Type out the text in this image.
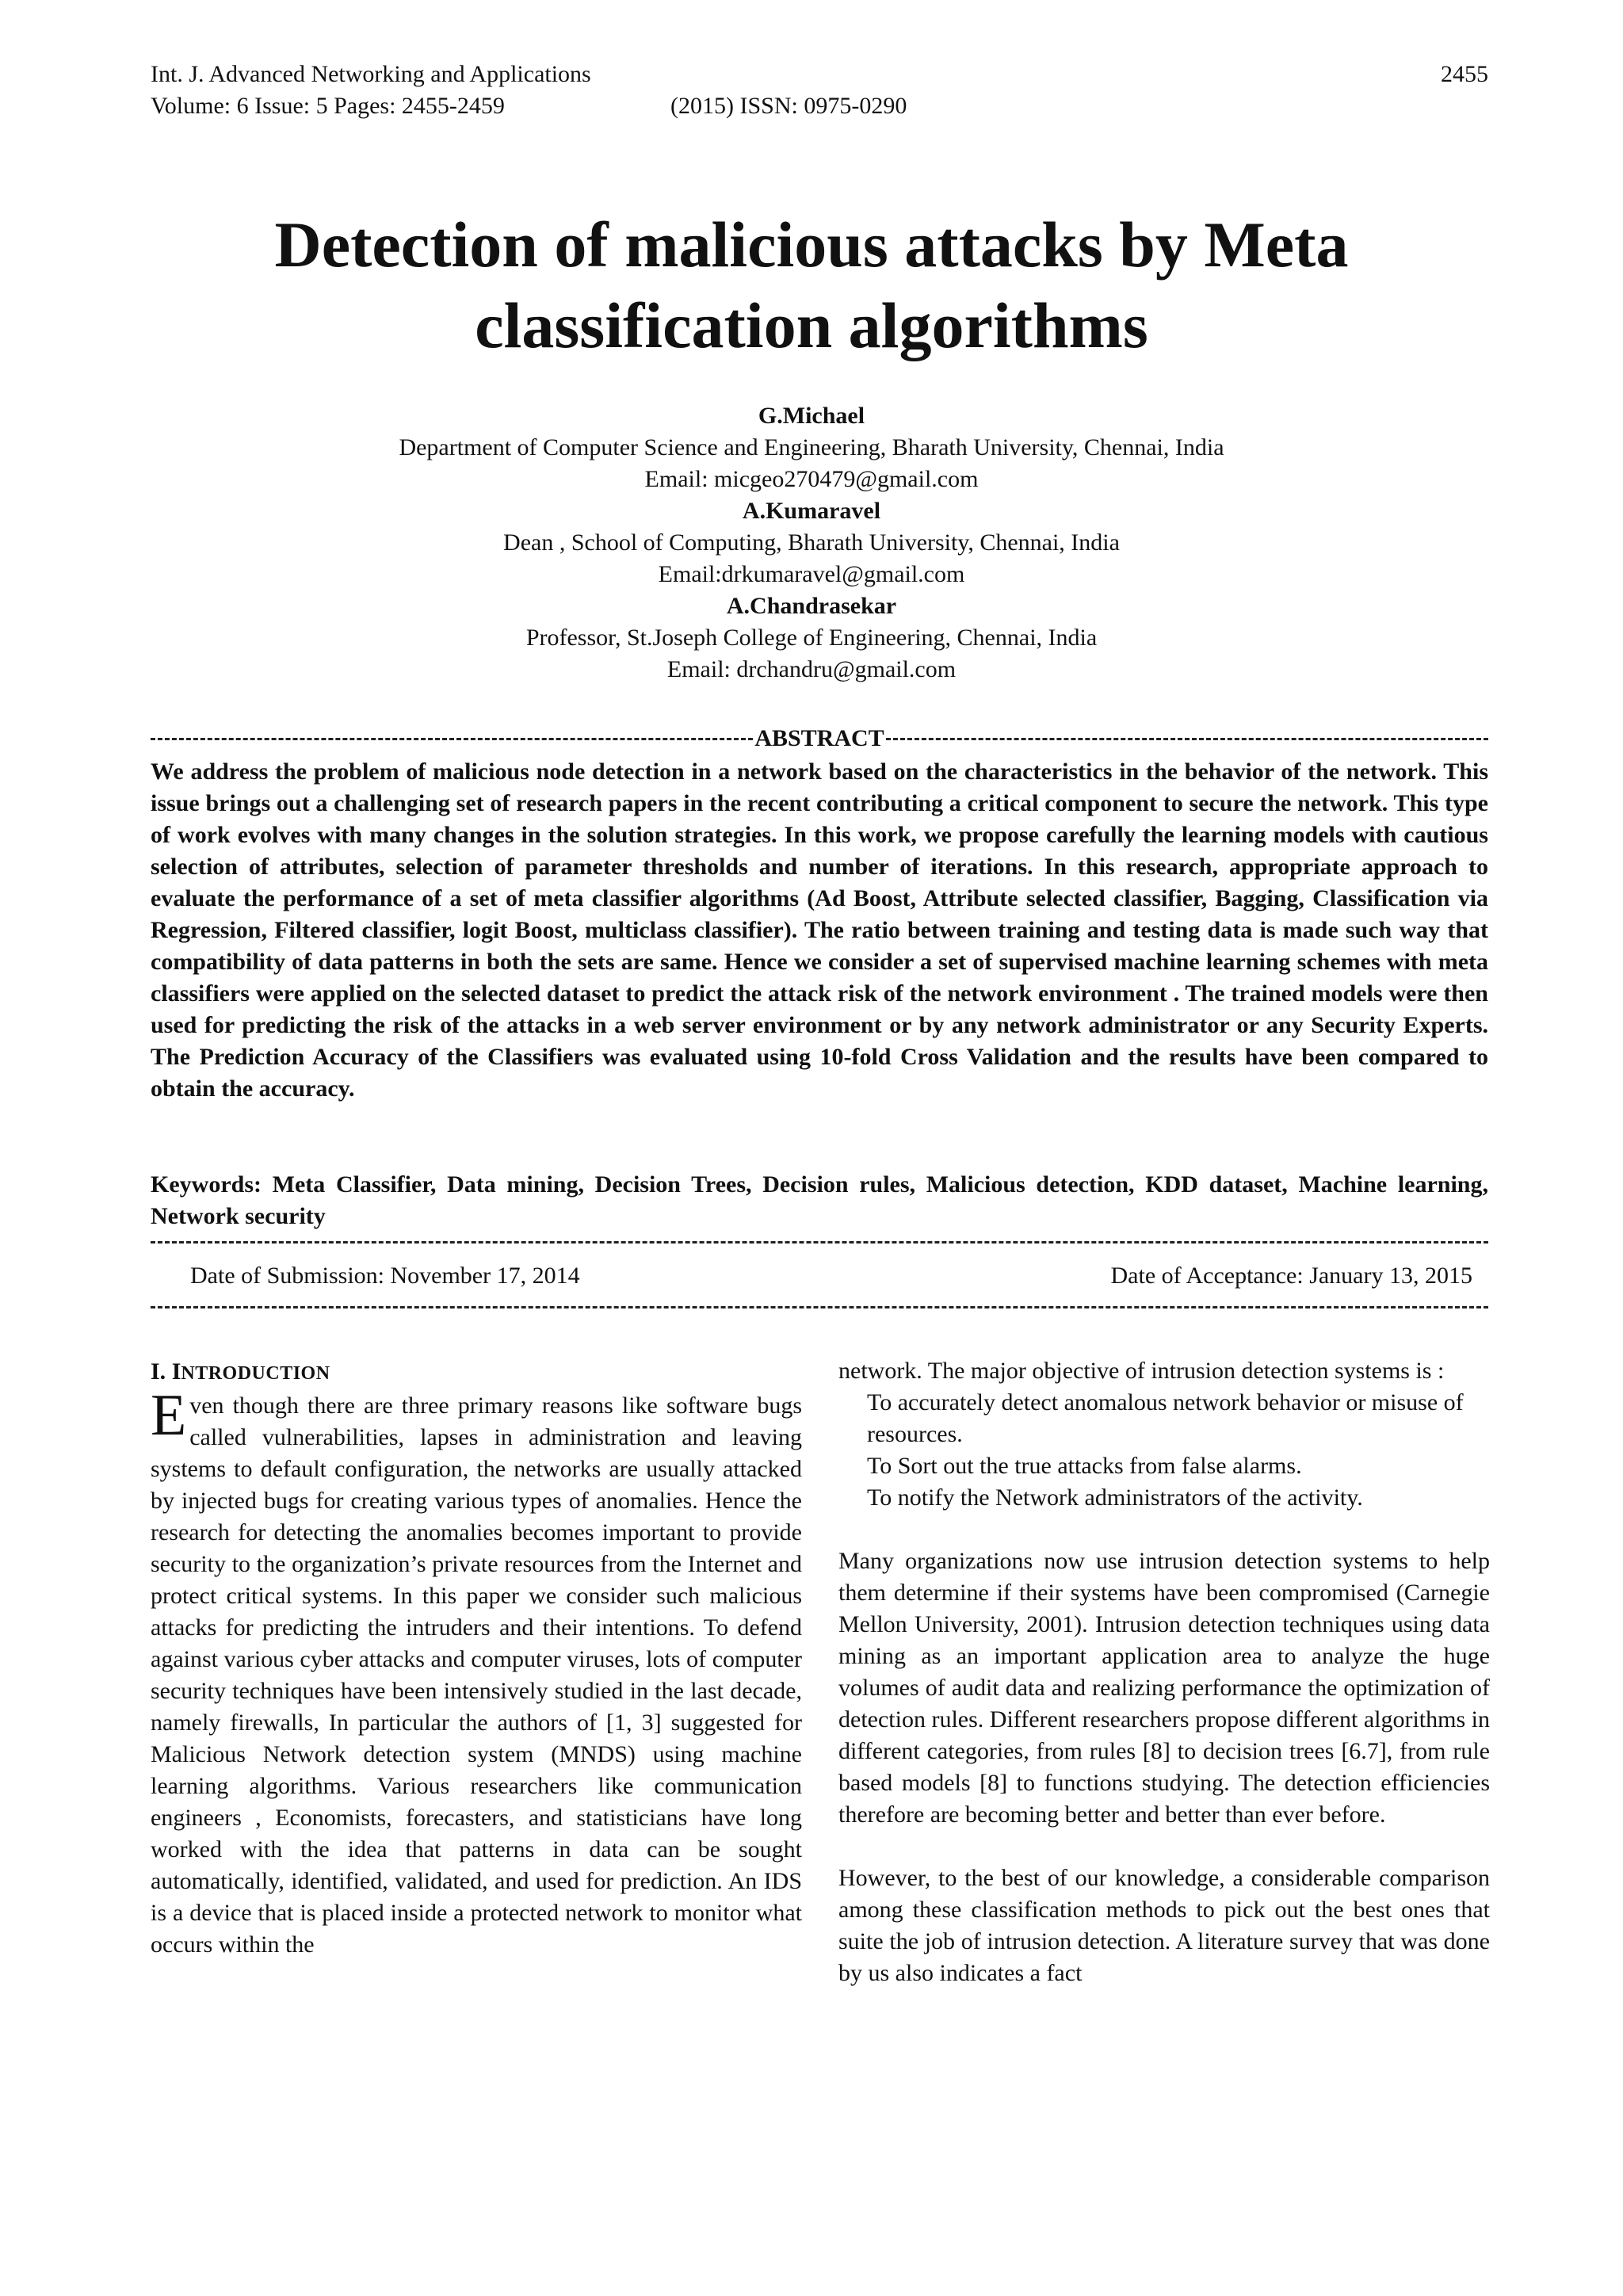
Int. J. Advanced Networking and Applications
Volume: 6 Issue: 5 Pages: 2455-2459	(2015) ISSN: 0975-0290
2455
Detection of malicious attacks by Meta
classification algorithms
G.Michael
Department of Computer Science and Engineering, Bharath University, Chennai, India
Email: micgeo270479@gmail.com
A.Kumaravel
Dean , School of Computing, Bharath University, Chennai, India
Email:drkumaravel@gmail.com
A.Chandrasekar
Professor, St.Joseph College of Engineering, Chennai, India
Email: drchandru@gmail.com
ABSTRACT
We address the problem of malicious node detection in a network based on the characteristics in the behavior of the network. This issue brings out a challenging set of research papers in the recent contributing a critical component to secure the network. This type of work evolves with many changes in the solution strategies. In this work, we propose carefully the learning models with cautious selection of attributes, selection of parameter thresholds and number of iterations. In this research, appropriate approach to evaluate the performance of a set of meta classifier algorithms (Ad Boost, Attribute selected classifier, Bagging, Classification via Regression, Filtered classifier, logit Boost, multiclass classifier). The ratio between training and testing data is made such way that compatibility of data patterns in both the sets are same. Hence we consider a set of supervised machine learning schemes with meta classifiers were applied on the selected dataset to predict the attack risk of the network environment . The trained models were then used for predicting the risk of the attacks in a web server environment or by any network administrator or any Security Experts. The Prediction Accuracy of the Classifiers was evaluated using 10-fold Cross Validation and the results have been compared to obtain the accuracy.
Keywords: Meta Classifier, Data mining, Decision Trees, Decision rules, Malicious detection, KDD dataset, Machine learning, Network security
Date of Submission: November 17, 2014	Date of Acceptance: January 13, 2015
I. INTRODUCTION

Even though there are three primary reasons like software bugs called vulnerabilities, lapses in administration and leaving systems to default configuration, the networks are usually attacked by injected bugs for creating various types of anomalies. Hence the research for detecting the anomalies becomes important to provide security to the organization’s private resources from the Internet and protect critical systems. In this paper we consider such malicious attacks for predicting the intruders and their intentions. To defend against various cyber attacks and computer viruses, lots of computer security techniques have been intensively studied in the last decade, namely firewalls, In particular the authors of [1, 3] suggested for Malicious Network detection system (MNDS) using machine learning algorithms. Various researchers like communication engineers , Economists, forecasters, and statisticians have long worked with the idea that patterns in data can be sought automatically, identified, validated, and used for prediction. An IDS is a device that is placed inside a protected network to monitor what occurs within the

network. The major objective of intrusion detection systems is :

To accurately detect anomalous network behavior or misuse of resources.
To Sort out the true attacks from false alarms.
To notify the Network administrators of the activity.

Many organizations now use intrusion detection systems to help them determine if their systems have been compromised (Carnegie Mellon University, 2001). Intrusion detection techniques using data mining as an important application area to analyze the huge volumes of audit data and realizing performance the optimization of detection rules. Different researchers propose different algorithms in different categories, from rules [8] to decision trees [6.7], from rule based models [8] to functions studying. The detection efficiencies therefore are becoming better and better than ever before.

However, to the best of our knowledge, a considerable comparison among these classification methods to pick out the best ones that suite the job of intrusion detection. A literature survey that was done by us also indicates a fact
